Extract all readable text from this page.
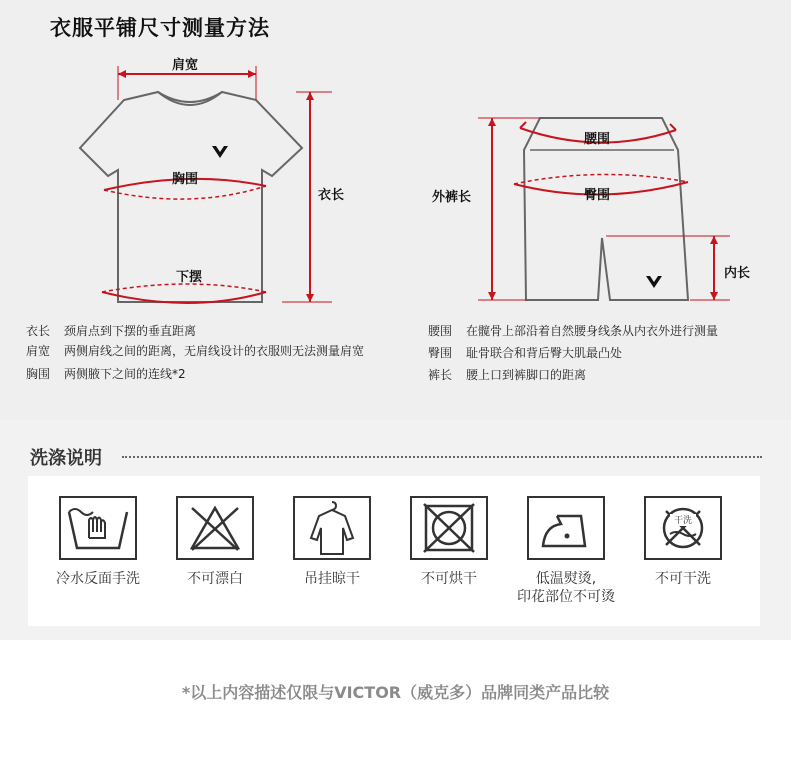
衣服平铺尺寸测量方法
肩宽
胸围
衣长
下摆
腰围
臀围
外裤长
内长
衣长	颈肩点到下摆的垂直距离
肩宽	两侧肩线之间的距离，无肩线设计的衣服则无法测量肩宽
胸围	两侧腋下之间的连线*2
腰围	在髋骨上部沿着自然腰身线条从内衣外进行测量
臀围	耻骨联合和背后臀大肌最凸处
裤长	腰上口到裤脚口的距离
洗涤说明
冷水反面手洗	不可漂白	吊挂晾干	不可烘干	低温熨烫,
印花部位不可烫
干洗
不可干洗
*以上内容描述仅限与VICTOR（威克多）品牌同类产品比较
